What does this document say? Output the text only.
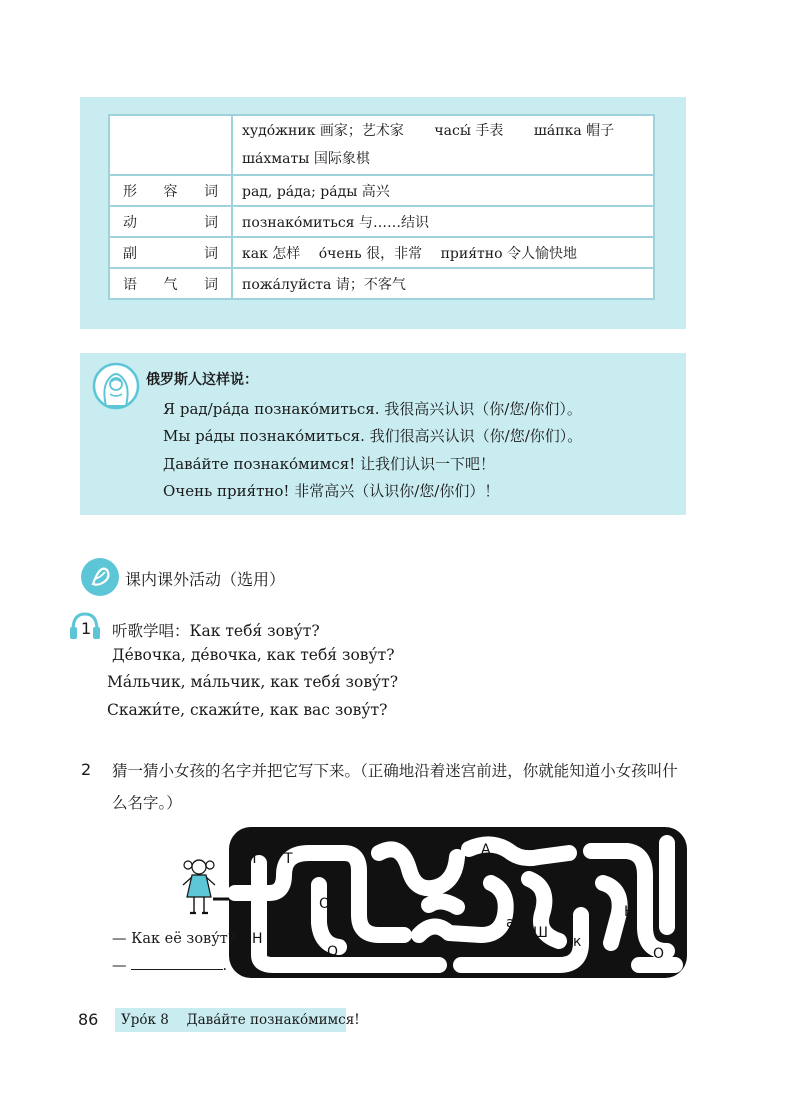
	худо́жник 画家；艺术家 часы́ 手表 ша́пка 帽子
ша́хматы 国际象棋

形 容 词	рад, ра́да; ра́ды 高兴

动 词	познако́миться 与……结识

副 词	как 怎样　 о́чень 很，非常　 прия́тно 令人愉快地

语 气 词	пожа́луйста 请；不客气
俄罗斯人这样说：
Я рад/ра́да познако́миться. 我很高兴认识（你/您/你们）。
Мы ра́ды познако́миться. 我们很高兴认识（你/您/你们）。
Дава́йте познако́мимся! 让我们认识一下吧！
Очень прия́тно! 非常高兴（认识你/您/你们）！
课内课外活动（选用）
1 听歌学唱：Как тебя́ зову́т?
Де́вочка, де́вочка, как тебя́ зову́т?
Ма́льчик, ма́льчик, как тебя́ зову́т?
Скажи́те, скажи́те, как вас зову́т?
2 猜一猜小女孩的名字并把它写下来。（正确地沿着迷宫前进，你就能知道小女孩叫什么名字。）
П Т	У
А
Т
Н
О	Т
А
О
Н	А
а
Ш
к
О
— Как её зову́т?
—	.
86	Уро́к 8　 Дава́йте познако́мимся!
